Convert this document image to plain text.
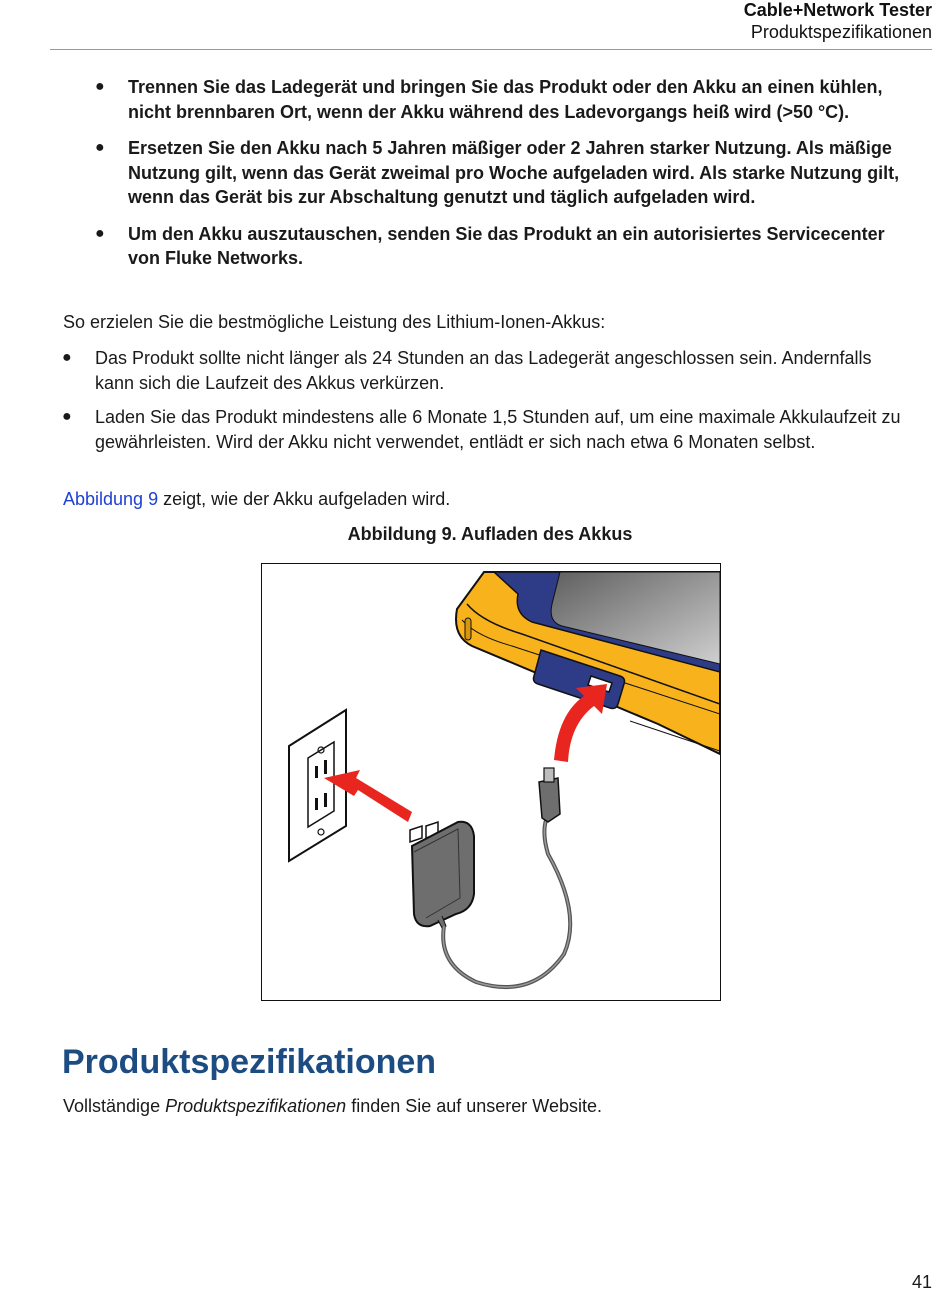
Cable+Network Tester
Produktspezifikationen
● Trennen Sie das Ladegerät und bringen Sie das Produkt oder den Akku an einen kühlen, nicht brennbaren Ort, wenn der Akku während des Ladevorgangs heiß wird (>50 °C).
● Ersetzen Sie den Akku nach 5 Jahren mäßiger oder 2 Jahren starker Nutzung. Als mäßige Nutzung gilt, wenn das Gerät zweimal pro Woche aufgeladen wird. Als starke Nutzung gilt, wenn das Gerät bis zur Abschaltung genutzt und täglich aufgeladen wird.
● Um den Akku auszutauschen, senden Sie das Produkt an ein autorisiertes Servicecenter von Fluke Networks.
So erzielen Sie die bestmögliche Leistung des Lithium-Ionen-Akkus:
● Das Produkt sollte nicht länger als 24 Stunden an das Ladegerät angeschlossen sein. Andernfalls kann sich die Laufzeit des Akkus verkürzen.
● Laden Sie das Produkt mindestens alle 6 Monate 1,5 Stunden auf, um eine maximale Akkulaufzeit zu gewährleisten. Wird der Akku nicht verwendet, entlädt er sich nach etwa 6 Monaten selbst.
Abbildung 9 zeigt, wie der Akku aufgeladen wird.
Abbildung 9. Aufladen des Akkus
Produktspezifikationen
Vollständige Produktspezifikationen finden Sie auf unserer Website.
41
